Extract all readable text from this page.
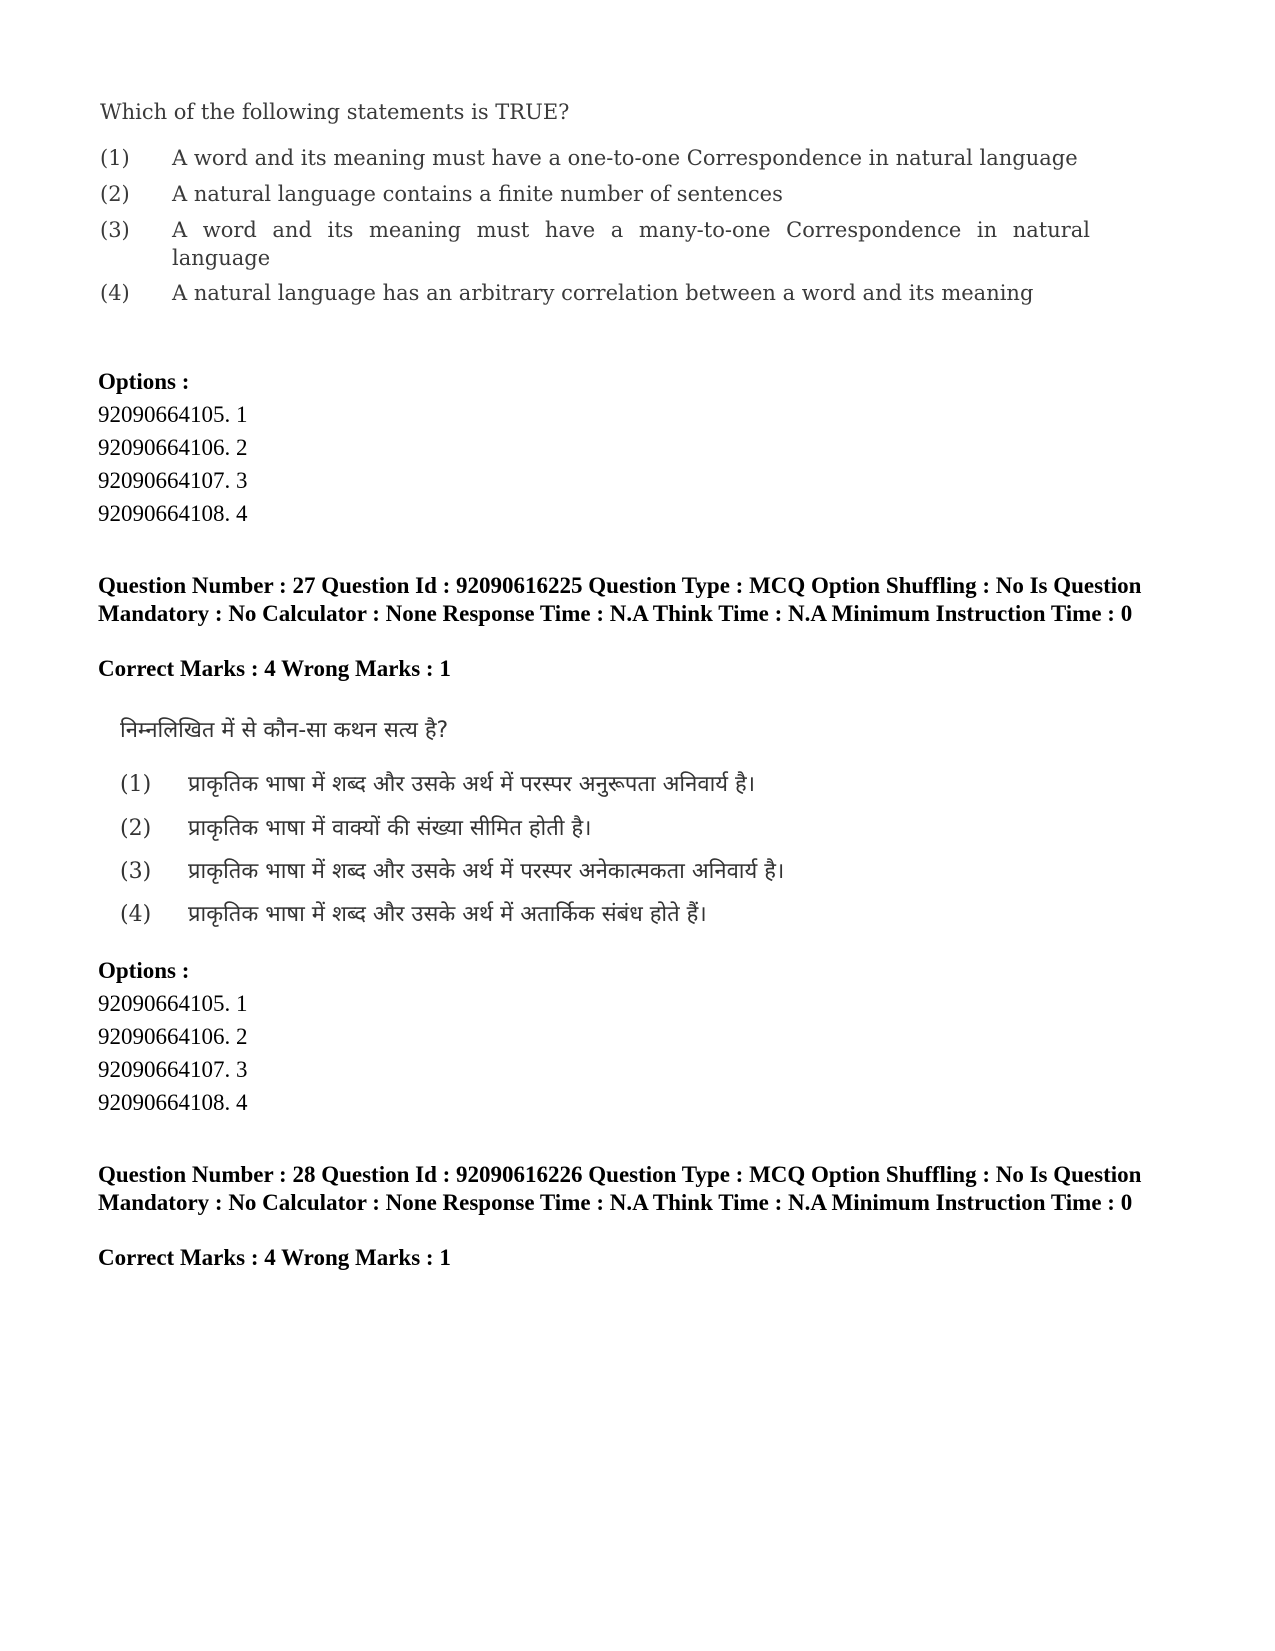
Which of the following statements is TRUE?
(1) A word and its meaning must have a one-to-one Correspondence in natural language
(2) A natural language contains a finite number of sentences
(3) A word and its meaning must have a many-to-one Correspondence in natural language
(4) A natural language has an arbitrary correlation between a word and its meaning
Options :
92090664105. 1
92090664106. 2
92090664107. 3
92090664108. 4
Question Number : 27 Question Id : 92090616225 Question Type : MCQ Option Shuffling : No Is Question Mandatory : No Calculator : None Response Time : N.A Think Time : N.A Minimum Instruction Time : 0
Correct Marks : 4 Wrong Marks : 1
निम्नलिखित में से कौन-सा कथन सत्य है?
(1) प्राकृतिक भाषा में शब्द और उसके अर्थ में परस्पर अनुरूपता अनिवार्य है।
(2) प्राकृतिक भाषा में वाक्यों की संख्या सीमित होती है।
(3) प्राकृतिक भाषा में शब्द और उसके अर्थ में परस्पर अनेकात्मकता अनिवार्य है।
(4) प्राकृतिक भाषा में शब्द और उसके अर्थ में अतार्किक संबंध होते हैं।
Options :
92090664105. 1
92090664106. 2
92090664107. 3
92090664108. 4
Question Number : 28 Question Id : 92090616226 Question Type : MCQ Option Shuffling : No Is Question Mandatory : No Calculator : None Response Time : N.A Think Time : N.A Minimum Instruction Time : 0
Correct Marks : 4 Wrong Marks : 1
